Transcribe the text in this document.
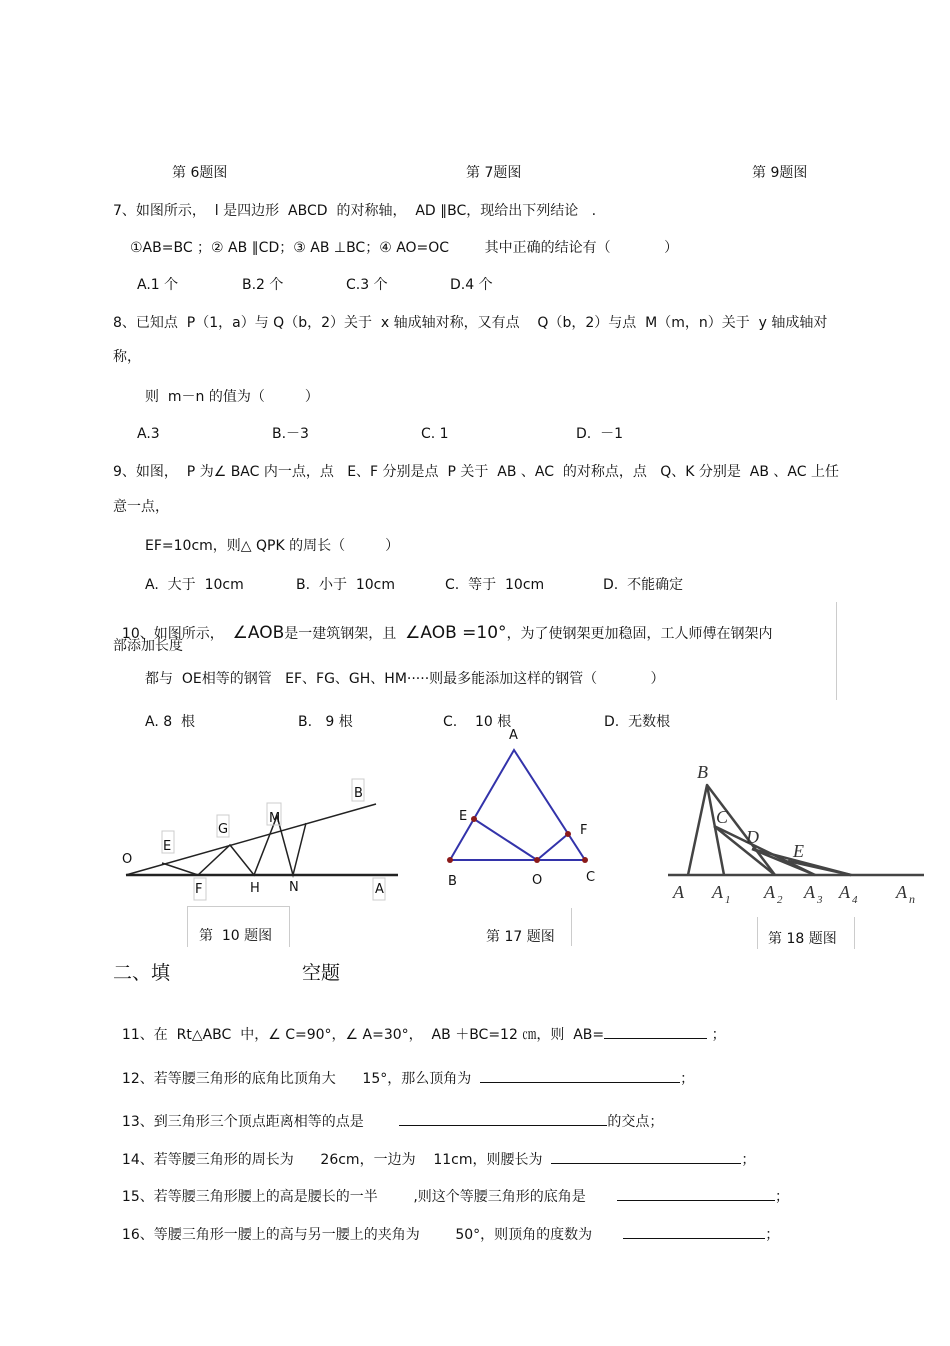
第 6题图	第 7题图	第 9题图
7、如图所示，  l 是四边形  ABCD  的对称轴，  AD ∥BC，现给出下列结论   .
①AB=BC ；② AB ∥CD；③ AB ⊥BC；④ AO=OC        其中正确的结论有（            ）
A.1 个	B.2 个	C.3 个	D.4 个
8、已知点  P（1，a）与 Q（b，2）关于  x 轴成轴对称，又有点    Q（b，2）与点  M（m，n）关于  y 轴成轴对
称，
则  m－n 的值为（         ）
A.3	B.－3	C. 1	D.  －1
9、如图，  P 为∠ BAC 内一点，点   E、F 分别是点  P 关于  AB 、AC  的对称点，点   Q、K 分别是  AB 、AC 上任
意一点，
EF=10cm，则△ QPK 的周长（         ）
A.  大于  10cm	B.  小于  10cm	C.  等于  10cm	D.  不能确定

10、如图所示，  ∠AOB是一建筑钢架，且  ∠AOB =10°，为了使钢架更加稳固，工人师傅在钢架内

部添加长度
都与  OE相等的钢管   EF、FG、GH、HM·····则最多能添加这样的钢管（            ）
A. 8  根	B.   9 根	C.    10 根	D.  无数根
O
E
F
G
H
M
N
B
A
第  10 题图
A
E
F
B	O	C
第 17 题图
B
C
D
E
A A 1 A 2 A 3 A 4 A n
第 18 题图
二、填	空题

11、在  Rt△ABC  中，∠ C=90°，∠ A=30°，  AB ＋BC=12 ㎝，则  AB=	；

12、若等腰三角形的底角比顶角大      15°，那么顶角为	；

13、到三角形三个顶点距离相等的点是	的交点；

14、若等腰三角形的周长为      26cm，一边为    11cm，则腰长为	；

15、若等腰三角形腰上的高是腰长的一半        ,则这个等腰三角形的底角是	；

16、等腰三角形一腰上的高与另一腰上的夹角为        50°，则顶角的度数为	；
